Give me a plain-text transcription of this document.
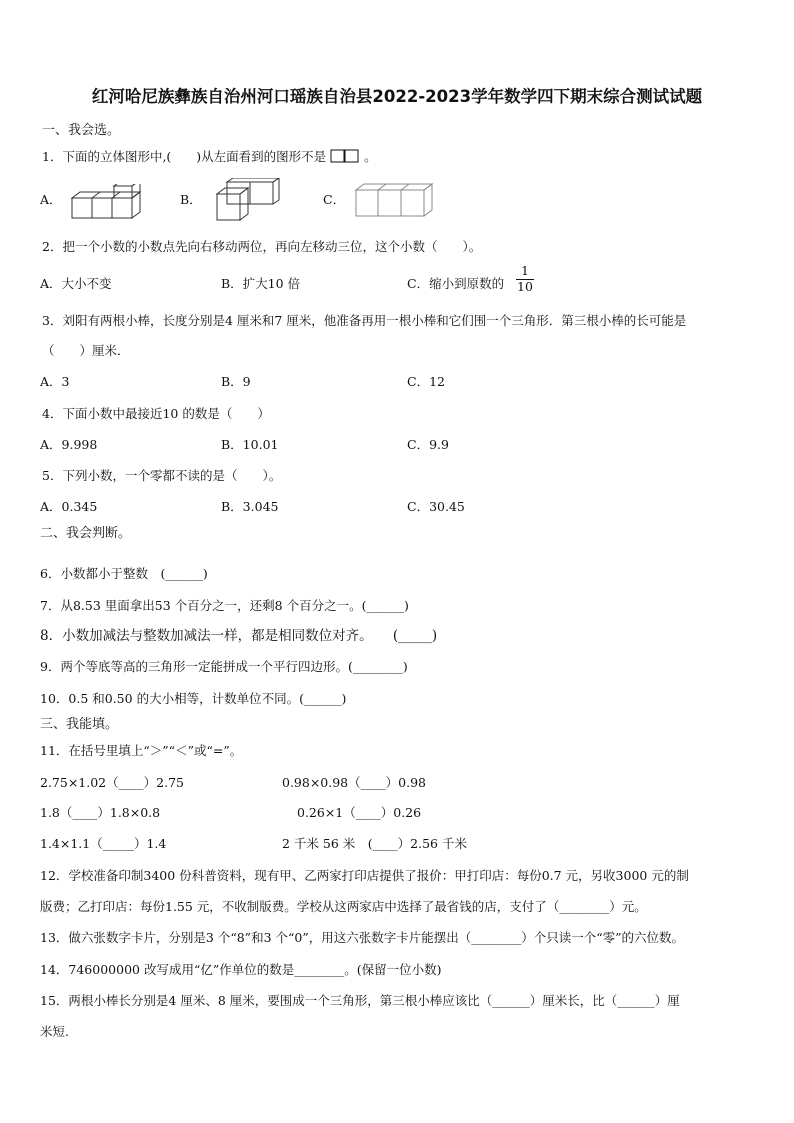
红河哈尼族彝族自治州河口瑶族自治县2022-2023学年数学四下期末综合测试试题
一、我会选。
1．下面的立体图形中,(　　)从左面看到的图形不是	。
A．	B．	C．
2．把一个小数的小数点先向右移动两位，再向左移动三位，这个小数（　　）。
A．大小不变	B．扩大10 倍	C．缩小到原数的
1
10
3．刘阳有两根小棒，长度分别是4 厘米和7 厘米，他准备再用一根小棒和它们围一个三角形．第三根小棒的长可能是
（　　）厘米．
A．3	B．9	C．12
4．下面小数中最接近10 的数是（　　）
A．9.998	B．10.01	C．9.9
5．下列小数，一个零都不读的是（　　）。
A．0.345	B．3.045	C．30.45
二、我会判断。
6．小数都小于整数　(______)
7．从8.53 里面拿出53 个百分之一，还剩8 个百分之一。(______)
8．小数加减法与整数加减法一样，都是相同数位对齐。　　(_____)
9．两个等底等高的三角形一定能拼成一个平行四边形。(________)
10．0.5 和0.50 的大小相等，计数单位不同。(______)
三、我能填。
11．在括号里填上“＞”“＜”或“=”。
2.75×1.02（____）2.75	0.98×0.98（____）0.98
1.8（____）1.8×0.8	0.26×1（____）0.26
1.4×1.1（_____）1.4	2 千米 56 米　(____）2.56 千米
12．学校准备印制3400 份科普资料，现有甲、乙两家打印店提供了报价：甲打印店：每份0.7 元，另收3000 元的制
版费；乙打印店：每份1.55 元，不收制版费。学校从这两家店中选择了最省钱的店，支付了（________）元。
13．做六张数字卡片，分别是3 个“8”和3 个“0”，用这六张数字卡片能摆出（________）个只读一个“零”的六位数。
14．746000000 改写成用“亿”作单位的数是________。(保留一位小数)
15．两根小棒长分别是4 厘米、8 厘米，要围成一个三角形，第三根小棒应该比（______）厘米长，比（______）厘
米短.
